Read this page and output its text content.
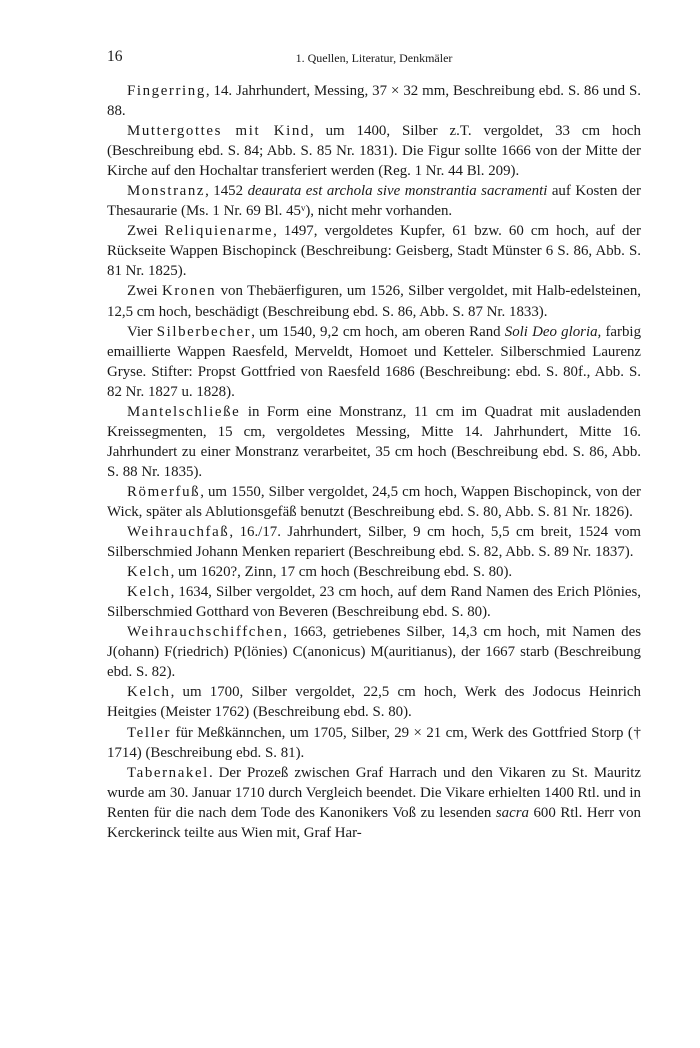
16	1. Quellen, Literatur, Denkmäler

Fingerring, 14. Jahrhundert, Messing, 37 × 32 mm, Beschreibung ebd. S. 86 und S. 88.

Muttergottes mit Kind, um 1400, Silber z.T. vergoldet, 33 cm hoch (Beschreibung ebd. S. 84; Abb. S. 85 Nr. 1831). Die Figur sollte 1666 von der Mitte der Kirche auf den Hochaltar transferiert werden (Reg. 1 Nr. 44 Bl. 209).

Monstranz, 1452 deaurata est archola sive monstrantia sacramenti auf Kosten der Thesaurarie (Ms. 1 Nr. 69 Bl. 45ᵛ), nicht mehr vorhanden.

Zwei Reliquienarme, 1497, vergoldetes Kupfer, 61 bzw. 60 cm hoch, auf der Rückseite Wappen Bischopinck (Beschreibung: Geisberg, Stadt Münster 6 S. 86, Abb. S. 81 Nr. 1825).

Zwei Kronen von Thebäerfiguren, um 1526, Silber vergoldet, mit Halb-edelsteinen, 12,5 cm hoch, beschädigt (Beschreibung ebd. S. 86, Abb. S. 87 Nr. 1833).

Vier Silberbecher, um 1540, 9,2 cm hoch, am oberen Rand Soli Deo gloria, farbig emaillierte Wappen Raesfeld, Merveldt, Homoet und Ketteler. Silberschmied Laurenz Gryse. Stifter: Propst Gottfried von Raesfeld 1686 (Beschreibung: ebd. S. 80f., Abb. S. 82 Nr. 1827 u. 1828).

Mantelschließe in Form eine Monstranz, 11 cm im Quadrat mit ausladenden Kreissegmenten, 15 cm, vergoldetes Messing, Mitte 14. Jahrhundert, Mitte 16. Jahrhundert zu einer Monstranz verarbeitet, 35 cm hoch (Beschreibung ebd. S. 86, Abb. S. 88 Nr. 1835).

Römerfuß, um 1550, Silber vergoldet, 24,5 cm hoch, Wappen Bischopinck, von der Wick, später als Ablutionsgefäß benutzt (Beschreibung ebd. S. 80, Abb. S. 81 Nr. 1826).

Weihrauchfaß, 16./17. Jahrhundert, Silber, 9 cm hoch, 5,5 cm breit, 1524 vom Silberschmied Johann Menken repariert (Beschreibung ebd. S. 82, Abb. S. 89 Nr. 1837).

Kelch, um 1620?, Zinn, 17 cm hoch (Beschreibung ebd. S. 80).

Kelch, 1634, Silber vergoldet, 23 cm hoch, auf dem Rand Namen des Erich Plönies, Silberschmied Gotthard von Beveren (Beschreibung ebd. S. 80).

Weihrauchschiffchen, 1663, getriebenes Silber, 14,3 cm hoch, mit Namen des J(ohann) F(riedrich) P(lönies) C(anonicus) M(auritianus), der 1667 starb (Beschreibung ebd. S. 82).

Kelch, um 1700, Silber vergoldet, 22,5 cm hoch, Werk des Jodocus Heinrich Heitgies (Meister 1762) (Beschreibung ebd. S. 80).

Teller für Meßkännchen, um 1705, Silber, 29 × 21 cm, Werk des Gottfried Storp († 1714) (Beschreibung ebd. S. 81).

Tabernakel. Der Prozeß zwischen Graf Harrach und den Vikaren zu St. Mauritz wurde am 30. Januar 1710 durch Vergleich beendet. Die Vikare erhielten 1400 Rtl. und in Renten für die nach dem Tode des Kanonikers Voß zu lesenden sacra 600 Rtl. Herr von Kerckerinck teilte aus Wien mit, Graf Har-
